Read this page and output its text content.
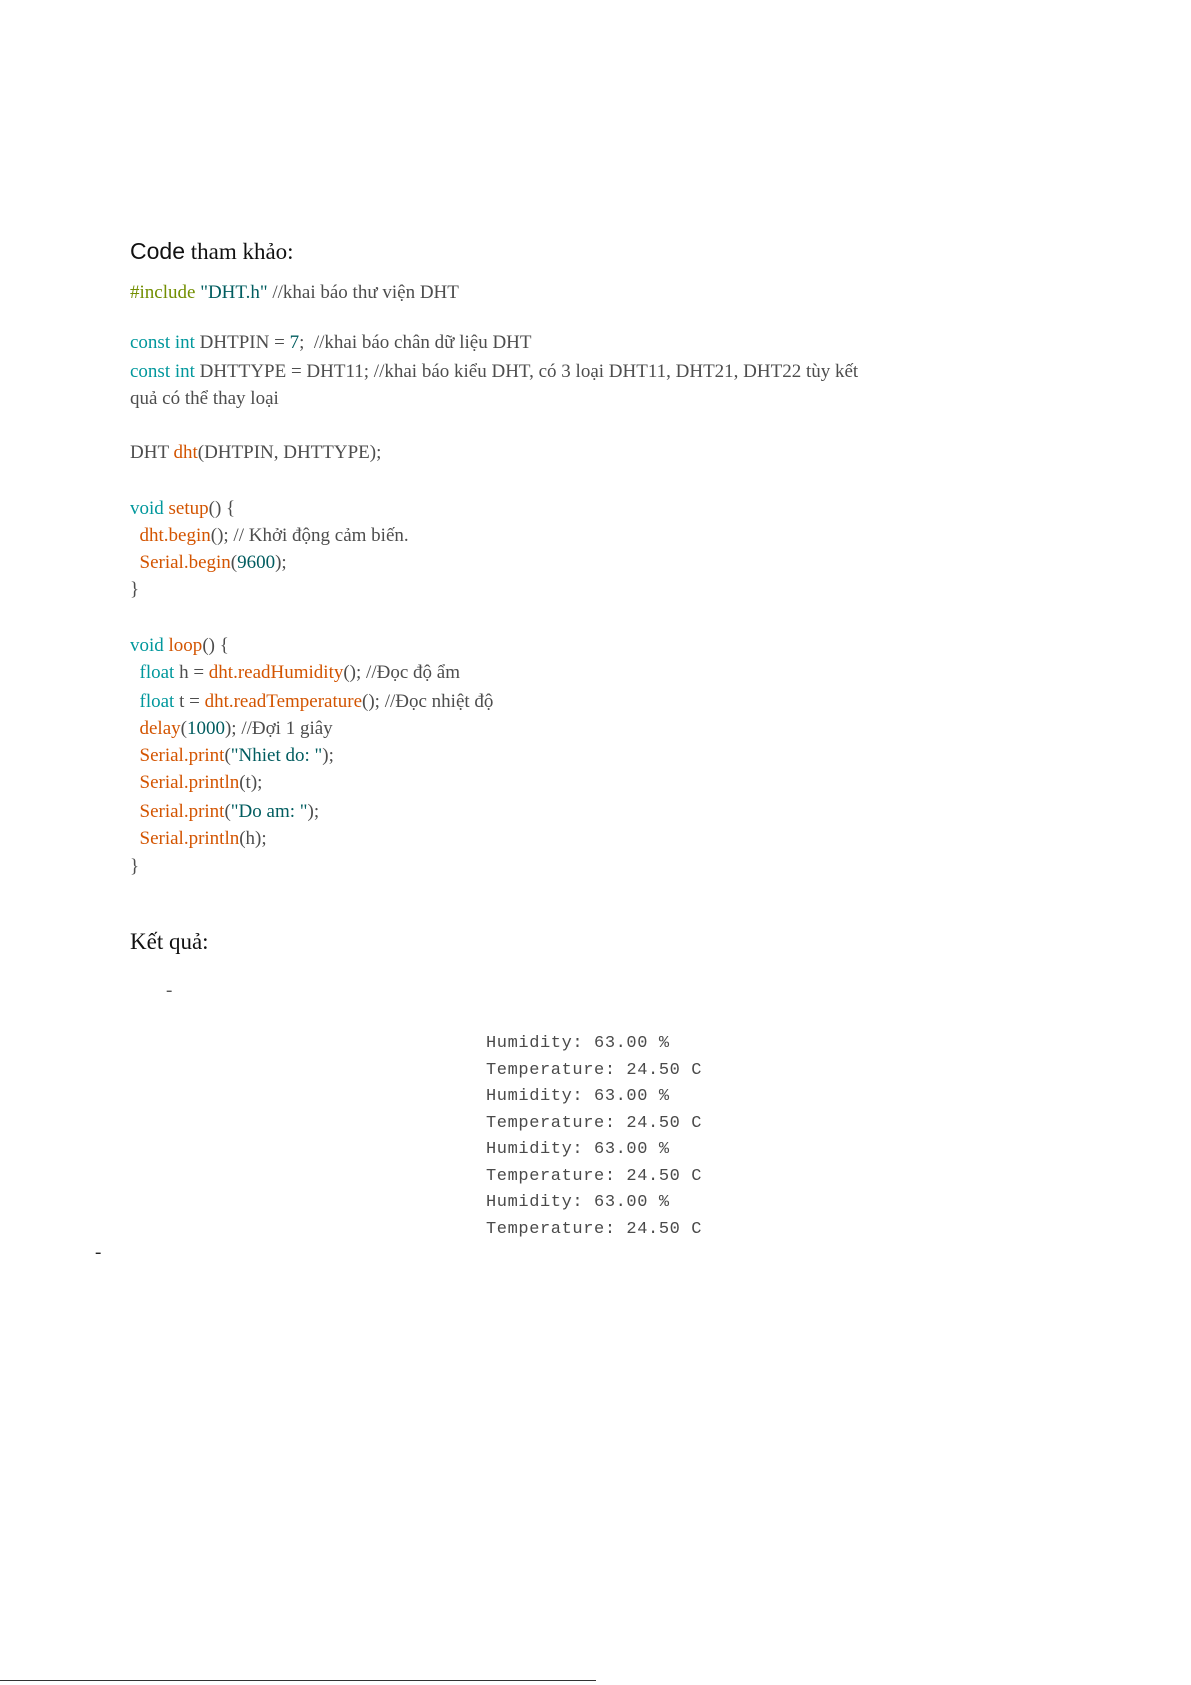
Code tham khảo:
#include "DHT.h" //khai báo thư viện DHT
const int DHTPIN = 7;  //khai báo chân dữ liệu DHT
const int DHTTYPE = DHT11; //khai báo kiểu DHT, có 3 loại DHT11, DHT21, DHT22 tùy kết
quả có thể thay loại
DHT dht(DHTPIN, DHTTYPE);
void setup() {
dht.begin(); // Khởi động cảm biến.
Serial.begin(9600);
}
void loop() {
float h = dht.readHumidity(); //Đọc độ ẩm
float t = dht.readTemperature(); //Đọc nhiệt độ
delay(1000); //Đợi 1 giây
Serial.print("Nhiet do: ");
Serial.println(t);
Serial.print("Do am: ");
Serial.println(h);
}
Kết quả:
-
Humidity: 63.00 %
Temperature: 24.50 C
Humidity: 63.00 %
Temperature: 24.50 C
Humidity: 63.00 %
Temperature: 24.50 C
Humidity: 63.00 %
Temperature: 24.50 C
-
